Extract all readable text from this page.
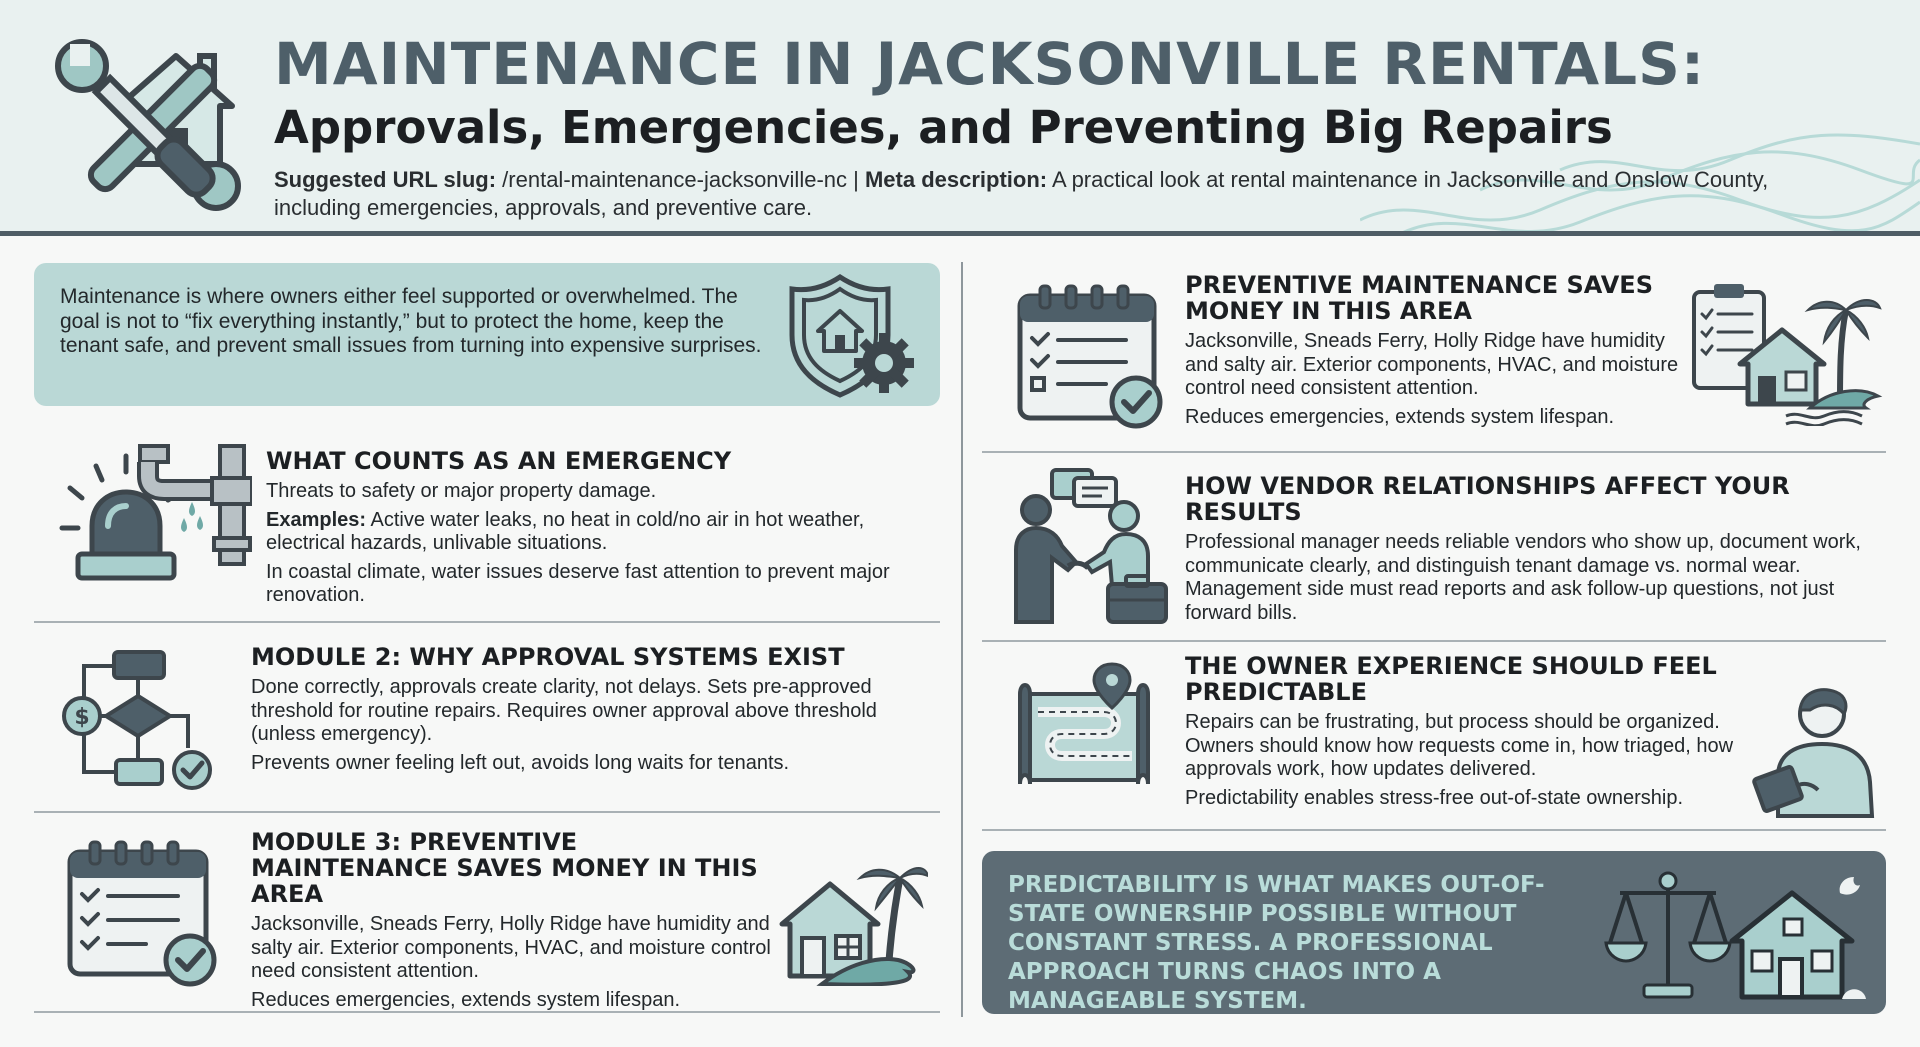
MAINTENANCE IN JACKSONVILLE RENTALS:
Approvals, Emergencies, and Preventing Big Repairs
Suggested URL slug: /rental-maintenance-jacksonville-nc | Meta description: A practical look at rental maintenance in Jacksonville and Onslow County, including emergencies, approvals, and preventive care.
Maintenance is where owners either feel supported or overwhelmed. The goal is not to “fix everything instantly,” but to protect the home, keep the tenant safe, and prevent small issues from turning into expensive surprises.
WHAT COUNTS AS AN EMERGENCY
Threats to safety or major property damage.
Examples: Active water leaks, no heat in cold/no air in hot weather, electrical hazards, unlivable situations.
In coastal climate, water issues deserve fast attention to prevent major renovation.
$
MODULE 2: WHY APPROVAL SYSTEMS EXIST
Done correctly, approvals create clarity, not delays. Sets pre-approved threshold for routine repairs. Requires owner approval above threshold (unless emergency).
Prevents owner feeling left out, avoids long waits for tenants.
MODULE 3: PREVENTIVE MAINTENANCE SAVES MONEY IN THIS AREA
Jacksonville, Sneads Ferry, Holly Ridge have humidity and salty air. Exterior components, HVAC, and moisture control need consistent attention.
Reduces emergencies, extends system lifespan.
PREVENTIVE MAINTENANCE SAVES MONEY IN THIS AREA
Jacksonville, Sneads Ferry, Holly Ridge have humidity and salty air. Exterior components, HVAC, and moisture control need consistent attention.
Reduces emergencies, extends system lifespan.
HOW VENDOR RELATIONSHIPS AFFECT YOUR RESULTS
Professional manager needs reliable vendors who show up, document work, communicate clearly, and distinguish tenant damage vs. normal wear. Management side must read reports and ask follow-up questions, not just forward bills.
THE OWNER EXPERIENCE SHOULD FEEL PREDICTABLE
Repairs can be frustrating, but process should be organized. Owners should know how requests come in, how triaged, how approvals work, how updates delivered.
Predictability enables stress-free out-of-state ownership.
PREDICTABILITY IS WHAT MAKES OUT-OF-STATE OWNERSHIP POSSIBLE WITHOUT CONSTANT STRESS. A PROFESSIONAL APPROACH TURNS CHAOS INTO A MANAGEABLE SYSTEM.
